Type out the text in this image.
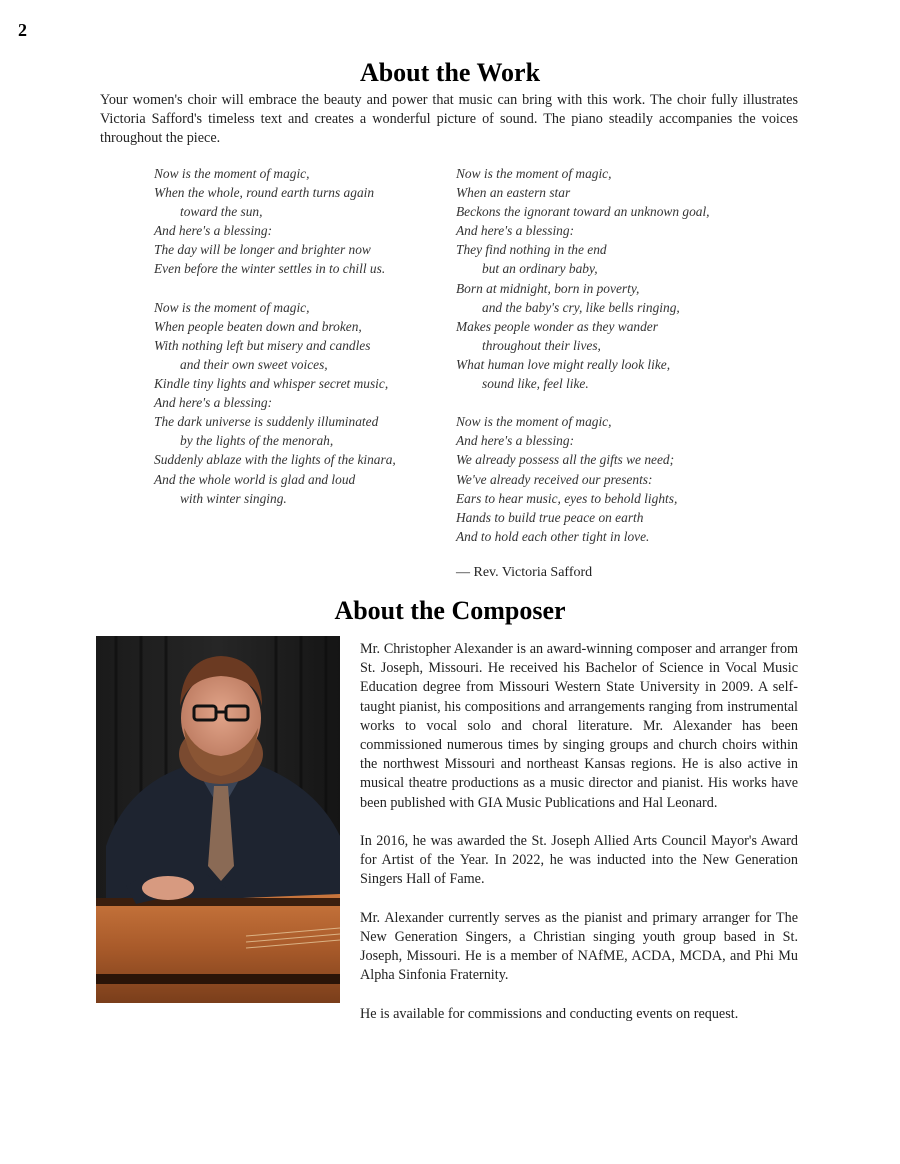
2
About the Work
Your women's choir will embrace the beauty and power that music can bring with this work. The choir fully illustrates Victoria Safford's timeless text and creates a wonderful picture of sound. The piano steadily accompanies the voices throughout the piece.
Now is the moment of magic,
When the whole, round earth turns again
toward the sun,
And here's a blessing:
The day will be longer and brighter now
Even before the winter settles in to chill us.
Now is the moment of magic,
When people beaten down and broken,
With nothing left but misery and candles
and their own sweet voices,
Kindle tiny lights and whisper secret music,
And here's a blessing:
The dark universe is suddenly illuminated
by the lights of the menorah,
Suddenly ablaze with the lights of the kinara,
And the whole world is glad and loud
with winter singing.
Now is the moment of magic,
When an eastern star
Beckons the ignorant toward an unknown goal,
And here's a blessing:
They find nothing in the end
but an ordinary baby,
Born at midnight, born in poverty,
and the baby's cry, like bells ringing,
Makes people wonder as they wander
throughout their lives,
What human love might really look like,
sound like, feel like.
Now is the moment of magic,
And here's a blessing:
We already possess all the gifts we need;
We've already received our presents:
Ears to hear music, eyes to behold lights,
Hands to build true peace on earth
And to hold each other tight in love.
— Rev. Victoria Safford
About the Composer

Mr. Christopher Alexander is an award-winning composer and arranger from St. Joseph, Missouri. He received his Bachelor of Science in Vocal Music Education degree from Missouri Western State University in 2009. A self-taught pianist, his compositions and arrangements ranging from instrumental works to vocal solo and choral literature. Mr. Alexander has been commissioned numerous times by singing groups and church choirs within the northwest Missouri and northeast Kansas regions. He is also active in musical theatre productions as a music director and pianist. His works have been published with GIA Music Publications and Hal Leonard.

In 2016, he was awarded the St. Joseph Allied Arts Council Mayor's Award for Artist of the Year. In 2022, he was inducted into the New Generation Singers Hall of Fame.

Mr. Alexander currently serves as the pianist and primary arranger for The New Generation Singers, a Christian singing youth group based in St. Joseph, Missouri. He is a member of NAfME, ACDA, MCDA, and Phi Mu Alpha Sinfonia Fraternity.

He is available for commissions and conducting events on request.
